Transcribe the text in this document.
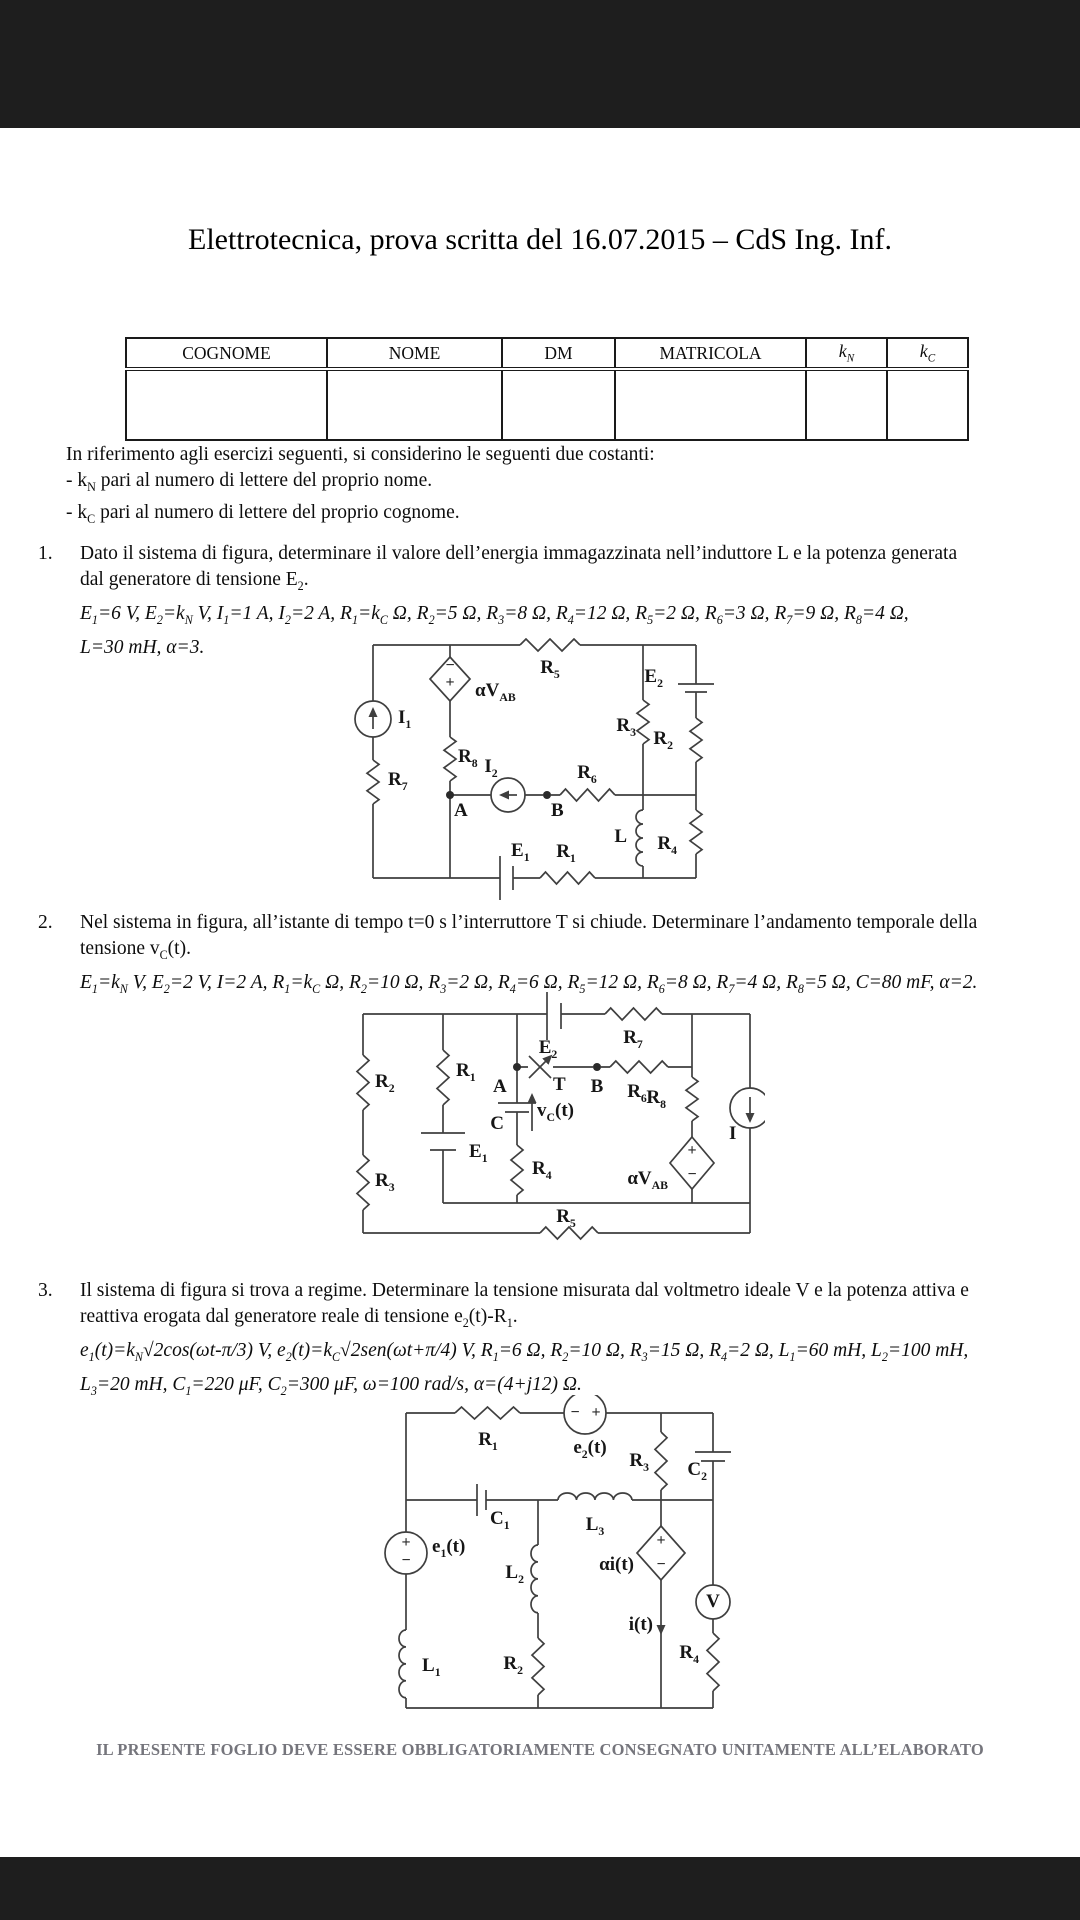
Elettrotecnica, prova scritta del 16.07.2015 – CdS Ing. Inf.
COGNOME	NOME	DM	MATRICOLA	$k_N$	$k_C$

In riferimento agli esercizi seguenti, si considerino le seguenti due costanti:
- $k_N$ pari al numero di lettere del proprio nome.
- $k_C$ pari al numero di lettere del proprio cognome.
1. Dato il sistema di figura, determinare il valore dell’energia immagazzinata nell’induttore L e la potenza generata
dal generatore di tensione $E_2$.
$E_1=6$ V, $E_2=k_N$ V, $I_1=1$ A, $I_2=2$ A, $R_1=k_C$ Ω, $R_2=5$ Ω, $R_3=8$ Ω, $R_4=12$ Ω, $R_5=2$ Ω, $R_6=3$ Ω, $R_7=9$ Ω, $R_8=4$ Ω,
L=30 mH, α=3.
$R_5$	$E_2$
−
+ $\alpha V_{AB}$
$I_1$
$R_7$
$R_8$ $I_2$
A	B
$R_6$
$R_3$ $R_2$
L $R_4$
$E_1$ $R_1$
2. Nel sistema in figura, all’istante di tempo t=0 s l’interruttore T si chiude. Determinare l’andamento temporale della
tensione $v_C(t)$.
$E_1=k_N$ V, $E_2=2$ V, I=2 A, $R_1=k_C$ Ω, $R_2=10$ Ω, $R_3=2$ Ω, $R_4=6$ Ω, $R_5=12$ Ω, $R_6=8$ Ω, $R_7=4$ Ω, $R_8=5$ Ω, C=80 mF, α=2.
$E_2$
$R_7$
$R_2$
$R_3$
$R_1$
$E_1$
A T B $R_6$ $R_8$
$\alpha V_{AB}$
+
−
I
C
$v_C(t)$
$R_4$
$R_5$
3. Il sistema di figura si trova a regime. Determinare la tensione misurata dal voltmetro ideale V e la potenza attiva e
reattiva erogata dal generatore reale di tensione $e_2(t)-R_1$.
$e_1(t)=k_N√2\cos(\omega t-\pi/3)$ V, $e_2(t)=k_C√2sen(\omega t+\pi/4)$ V, $R_1=6$ Ω, $R_2=10$ Ω, $R_3=15$ Ω, $R_4=2$ Ω, $L_1=60$ mH, $L_2=100$ mH,
$L_3=20$ mH, $C_1=220$ μF, $C_2=300$ μF, ω=100 rad/s, α=(4+j12) Ω.
$R_1$
− +
$e_2(t)$
$R_3$ $C_2$
$C_1$	$L_3$
+
−
$e_1(t)$
$L_2$
+
−
αi(t)
i(t)
V
$R_4$
$L_1$	$R_2$
IL PRESENTE FOGLIO DEVE ESSERE OBBLIGATORIAMENTE CONSEGNATO UNITAMENTE ALL’ELABORATO
